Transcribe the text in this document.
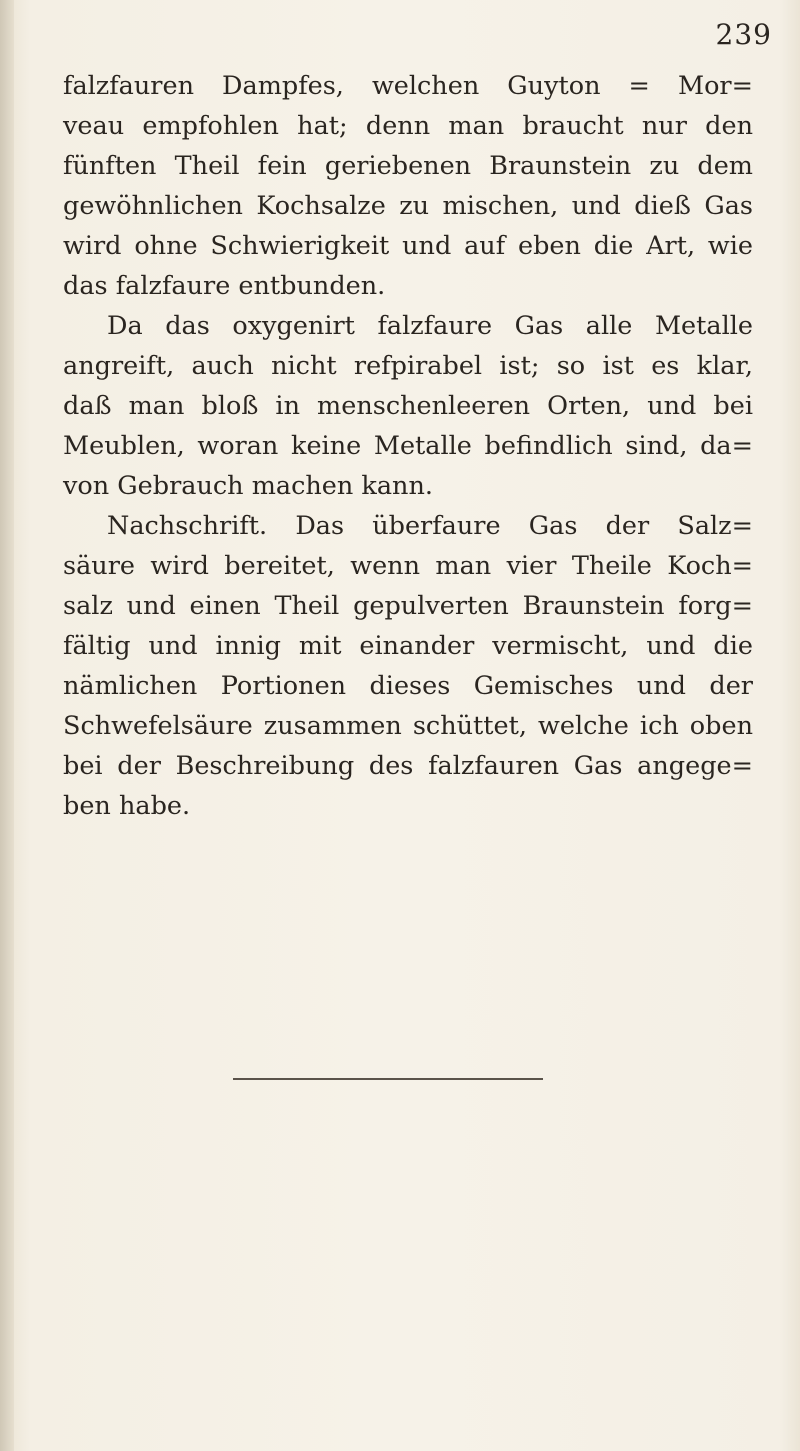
239
falzfauren Dampfes, welchen Guyton = Mor=
veau empfohlen hat; denn man braucht nur den
fünften Theil fein geriebenen Braunstein zu dem
gewöhnlichen Kochsalze zu mischen, und dieß Gas
wird ohne Schwierigkeit und auf eben die Art, wie
das falzfaure entbunden.
Da das oxygenirt falzfaure Gas alle Metalle
angreift, auch nicht refpirabel ist; so ist es klar,
daß man bloß in menschenleeren Orten, und bei
Meublen, woran keine Metalle befindlich sind, da=
von Gebrauch machen kann.
Nachschrift. Das überfaure Gas der Salz=
säure wird bereitet, wenn man vier Theile Koch=
salz und einen Theil gepulverten Braunstein forg=
fältig und innig mit einander vermischt, und die
nämlichen Portionen dieses Gemisches und der
Schwefelsäure zusammen schüttet, welche ich oben
bei der Beschreibung des falzfauren Gas angege=
ben habe.
